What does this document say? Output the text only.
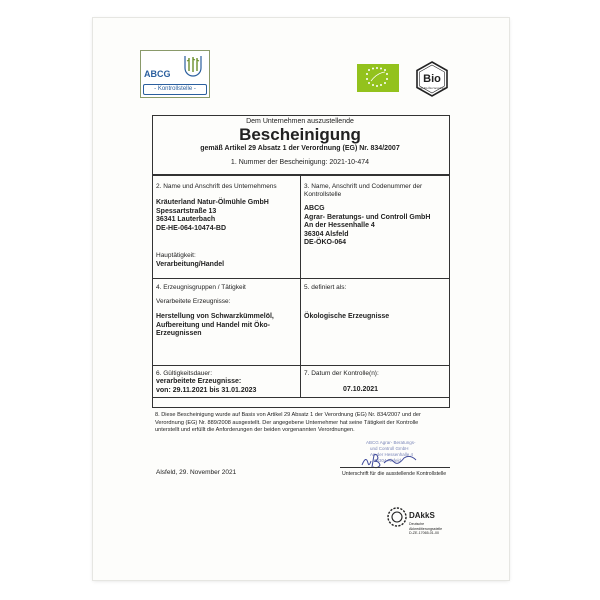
ABCG
- Kontrollstelle -
Bio
nach EG-Öko-Verordnung
Dem Unternehmen auszustellende
Bescheinigung
gemäß Artikel 29 Absatz 1 der Verordnung (EG) Nr. 834/2007
1. Nummer der Bescheinigung: 2021-10-474
2. Name und Anschrift des Unternehmens
Kräuterland Natur-Ölmühle GmbH
Spessartstraße 13
36341 Lauterbach
DE-HE-064-10474-BD
Hauptätigkeit:
Verarbeitung/Handel
3. Name, Anschrift und Codenummer der
Kontrollstelle
ABCG
Agrar- Beratungs- und Controll GmbH
An der Hessenhalle 4
36304 Alsfeld
DE-ÖKO-064
4. Erzeugnisgruppen / Tätigkeit
Verarbeitete Erzeugnisse:
Herstellung von Schwarzkümmelöl,
Aufbereitung und Handel mit Öko-
Erzeugnissen
5. definiert als:
Ökologische Erzeugnisse
6. Gültigkeitsdauer:
verarbeitete Erzeugnisse:
von: 29.11.2021 bis 31.01.2023
7. Datum der Kontrolle(n):
07.10.2021
8. Diese Bescheinigung wurde auf Basis von Artikel 29 Absatz 1 der Verordnung (EG) Nr. 834/2007 und der
Verordnung (EG) Nr. 889/2008 ausgestellt. Der angegebene Unternehmer hat seine Tätigkeit der Kontrolle
unterstellt und erfüllt die Anforderungen der beiden vorgenannten Verordnungen.
ABCG Agrar- Beratungs-
und Controll GmbH
An der Hessenhalle 4
36304 Alsfeld
Alsfeld, 29. November 2021	Unterschrift für die ausstellende Kontrollstelle
DAkkS
Deutsche
Akkreditierungsstelle
D-ZE-17065-01-00
